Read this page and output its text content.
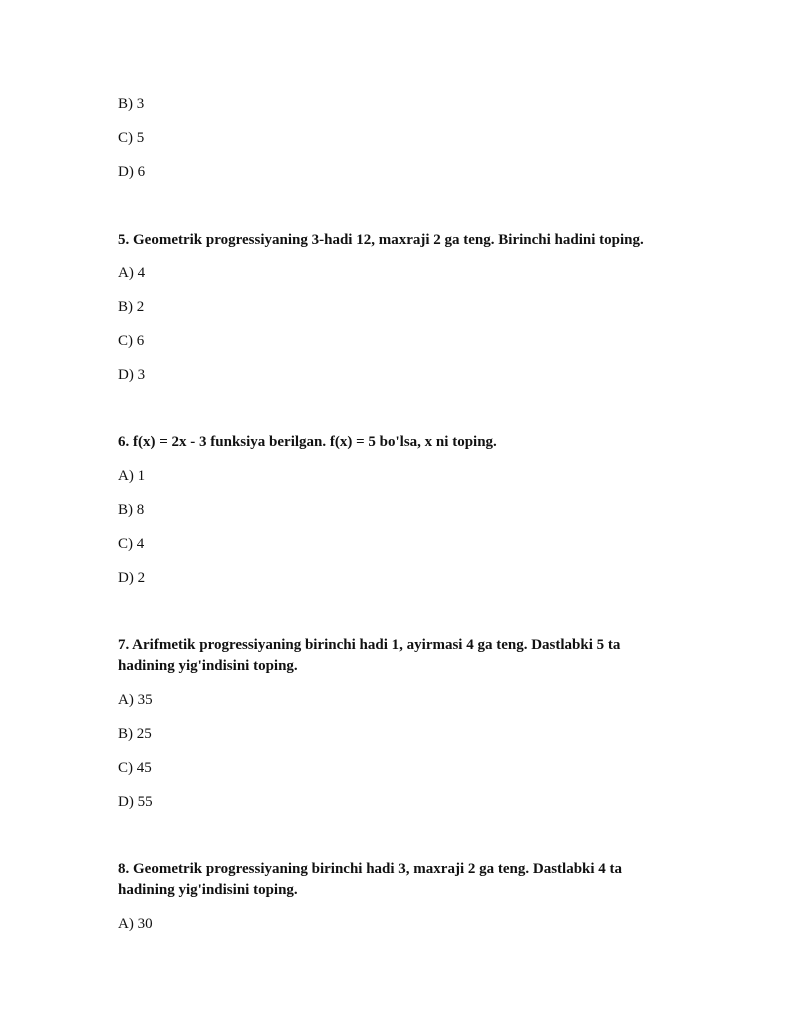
B) 3
C) 5
D) 6
5. Geometrik progressiyaning 3-hadi 12, maxraji 2 ga teng. Birinchi hadini toping.
A) 4
B) 2
C) 6
D) 3
6. f(x) = 2x - 3 funksiya berilgan. f(x) = 5 bo'lsa, x ni toping.
A) 1
B) 8
C) 4
D) 2
7. Arifmetik progressiyaning birinchi hadi 1, ayirmasi 4 ga teng. Dastlabki 5 ta
hadining yig'indisini toping.
A) 35
B) 25
C) 45
D) 55
8. Geometrik progressiyaning birinchi hadi 3, maxraji 2 ga teng. Dastlabki 4 ta
hadining yig'indisini toping.
A) 30
